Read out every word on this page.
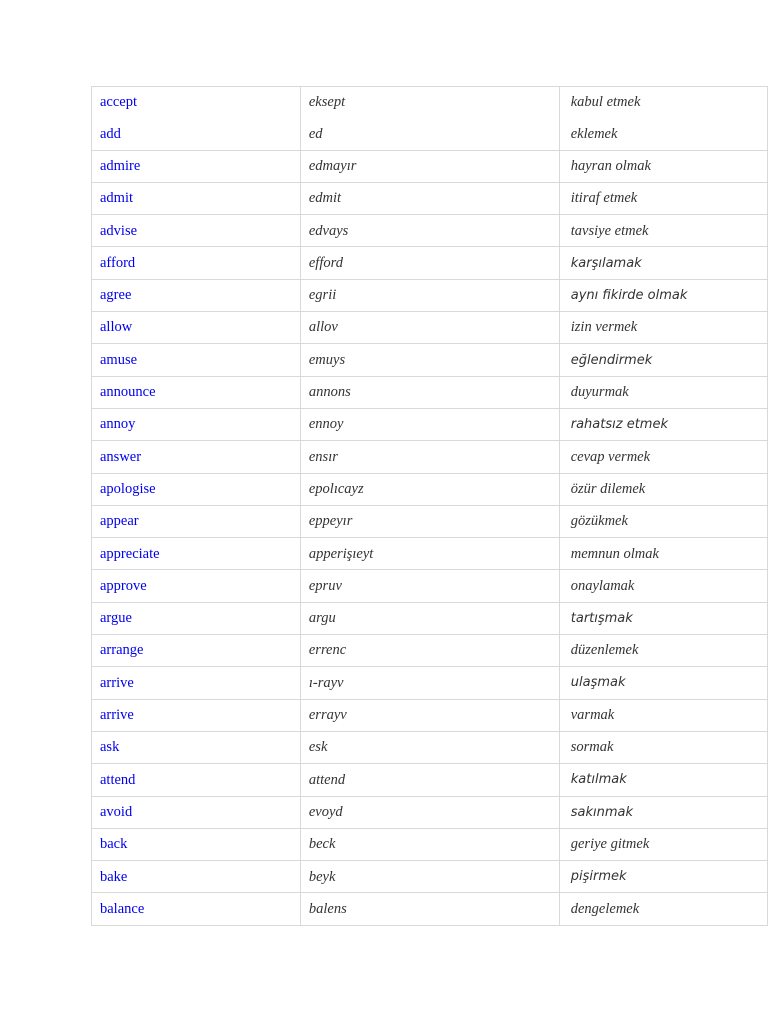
accept	eksept	kabul etmek
add	ed	eklemek
admire	edmayır	hayran olmak
admit	edmit	itiraf etmek
advise	edvays	tavsiye etmek
afford	efford	karşılamak
agree	egrii	aynı fikirde olmak
allow	allov	izin vermek
amuse	emuys	eğlendirmek
announce	annons	duyurmak
annoy	ennoy	rahatsız etmek
answer	ensır	cevap vermek
apologise	epolıcayz	özür dilemek
appear	eppeyır	gözükmek
appreciate	apperişıeyt	memnun olmak
approve	epruv	onaylamak
argue	argu	tartışmak
arrange	errenc	düzenlemek
arrive	ı-rayv	ulaşmak
arrive	errayv	varmak
ask	esk	sormak
attend	attend	katılmak
avoid	evoyd	sakınmak
back	beck	geriye gitmek
bake	beyk	pişirmek
balance	balens	dengelemek
